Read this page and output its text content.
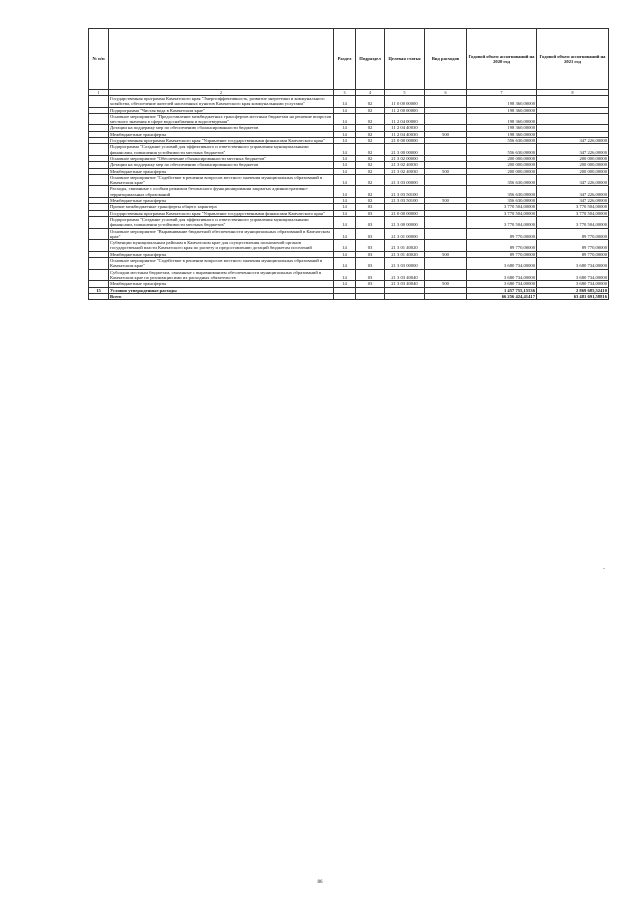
№ п/п		Раздел	Подраздел	Целевая статья	Вид расходов	Годовой объем ассигнований на 2020 год	Годовой объем ассигнований на 2021 год
1	2	3	4	5	6	7	8
	Государственная программа Камчатского края "Энергоэффективность, развитие энергетики и коммунального хозяйства, обеспечение жителей населенных пунктов Камчатского края коммунальными услугами"	14	02	11 0 00 00000		198 360,00000	
	Подпрограмма "Чистая вода в Камчатском крае"	14	02	11 2 00 00000		198 360,00000	
	Основное мероприятие "Предоставление межбюджетных трансфертов местным бюджетам на решение вопросов местного значения в сфере водоснабжения и водоотведения"	14	02	11 2 04 00000		198 360,00000	
	Дотации на поддержку мер по обеспечению сбалансированности бюджетов	14	02	11 2 04 40030		198 360,00000	
	Межбюджетные трансферты	14	02	11 2 04 40030	500	198 360,00000	
	Государственная программа Камчатского края "Управление государственными финансами Камчатского края"	14	02	21 0 00 00000		556 630,00000	347 226,00000
	Подпрограмма "Создание условий для эффективного и ответственного управления муниципальными финансами, повышения устойчивости местных бюджетов"	14	02	21 3 00 00000		556 630,00000	347 226,00000
	Основное мероприятие "Обеспечение сбалансированности местных бюджетов"	14	02	21 3 02 00000		200 000,00000	200 000,00000
	Дотации на поддержку мер по обеспечению сбалансированности бюджетов	14	02	21 3 02 40030		200 000,00000	200 000,00000
	Межбюджетные трансферты	14	02	21 3 02 40030	500	200 000,00000	200 000,00000
	Основное мероприятие "Содействие в решении вопросов местного значения муниципальных образований в Камчатском крае"	14	02	21 3 03 00000		356 630,00000	347 226,00000
	Расходы, связанные с особым режимом безопасного функционирования закрытых административно-территориальных образований	14	02	21 3 03 50100		356 630,00000	347 226,00000
	Межбюджетные трансферты	14	02	21 3 03 50100	500	356 630,00000	347 226,00000
	Прочие межбюджетные трансферты общего характера	14	03			3 770 504,00000	3 770 504,00000
	Государственная программа Камчатского края "Управление государственными финансами Камчатского края"	14	03	21 0 00 00000		3 770 504,00000	3 770 504,00000
	Подпрограмма "Создание условий для эффективного и ответственного управления муниципальными финансами, повышения устойчивости местных бюджетов"	14	03	21 3 00 00000		3 770 504,00000	3 770 504,00000
	Основное мероприятие "Выравнивание бюджетной обеспеченности муниципальных образований в Камчатском крае"	14	03	21 3 01 00000		89 770,00000	89 770,00000
	Субвенции муниципальным районам в Камчатском крае для осуществления полномочий органов государственной власти Камчатского края по расчету и предоставлению дотаций бюджетам поселений	14	03	21 3 01 40020		89 770,00000	89 770,00000
	Межбюджетные трансферты	14	03	21 3 01 40020	500	89 770,00000	89 770,00000
	Основное мероприятие "Содействие в решении вопросов местного значения муниципальных образований в Камчатском крае"	14	03	21 3 03 00000		3 680 734,00000	3 680 734,00000
	Субсидии местным бюджетам, связанные с выравниванием обеспеченности муниципальных образований в Камчатском крае по реализации ими их расходных обязательств	14	03	21 3 03 40040		3 680 734,00000	3 680 734,00000
	Межбюджетные трансферты	14	03	21 3 03 40040	500	3 680 734,00000	3 680 734,00000
15	Условно утвержденные расходы					1 457 755,15536	2 869 685,52410
	Всего					66 256 424,41417	63 481 691,58816
"
86
